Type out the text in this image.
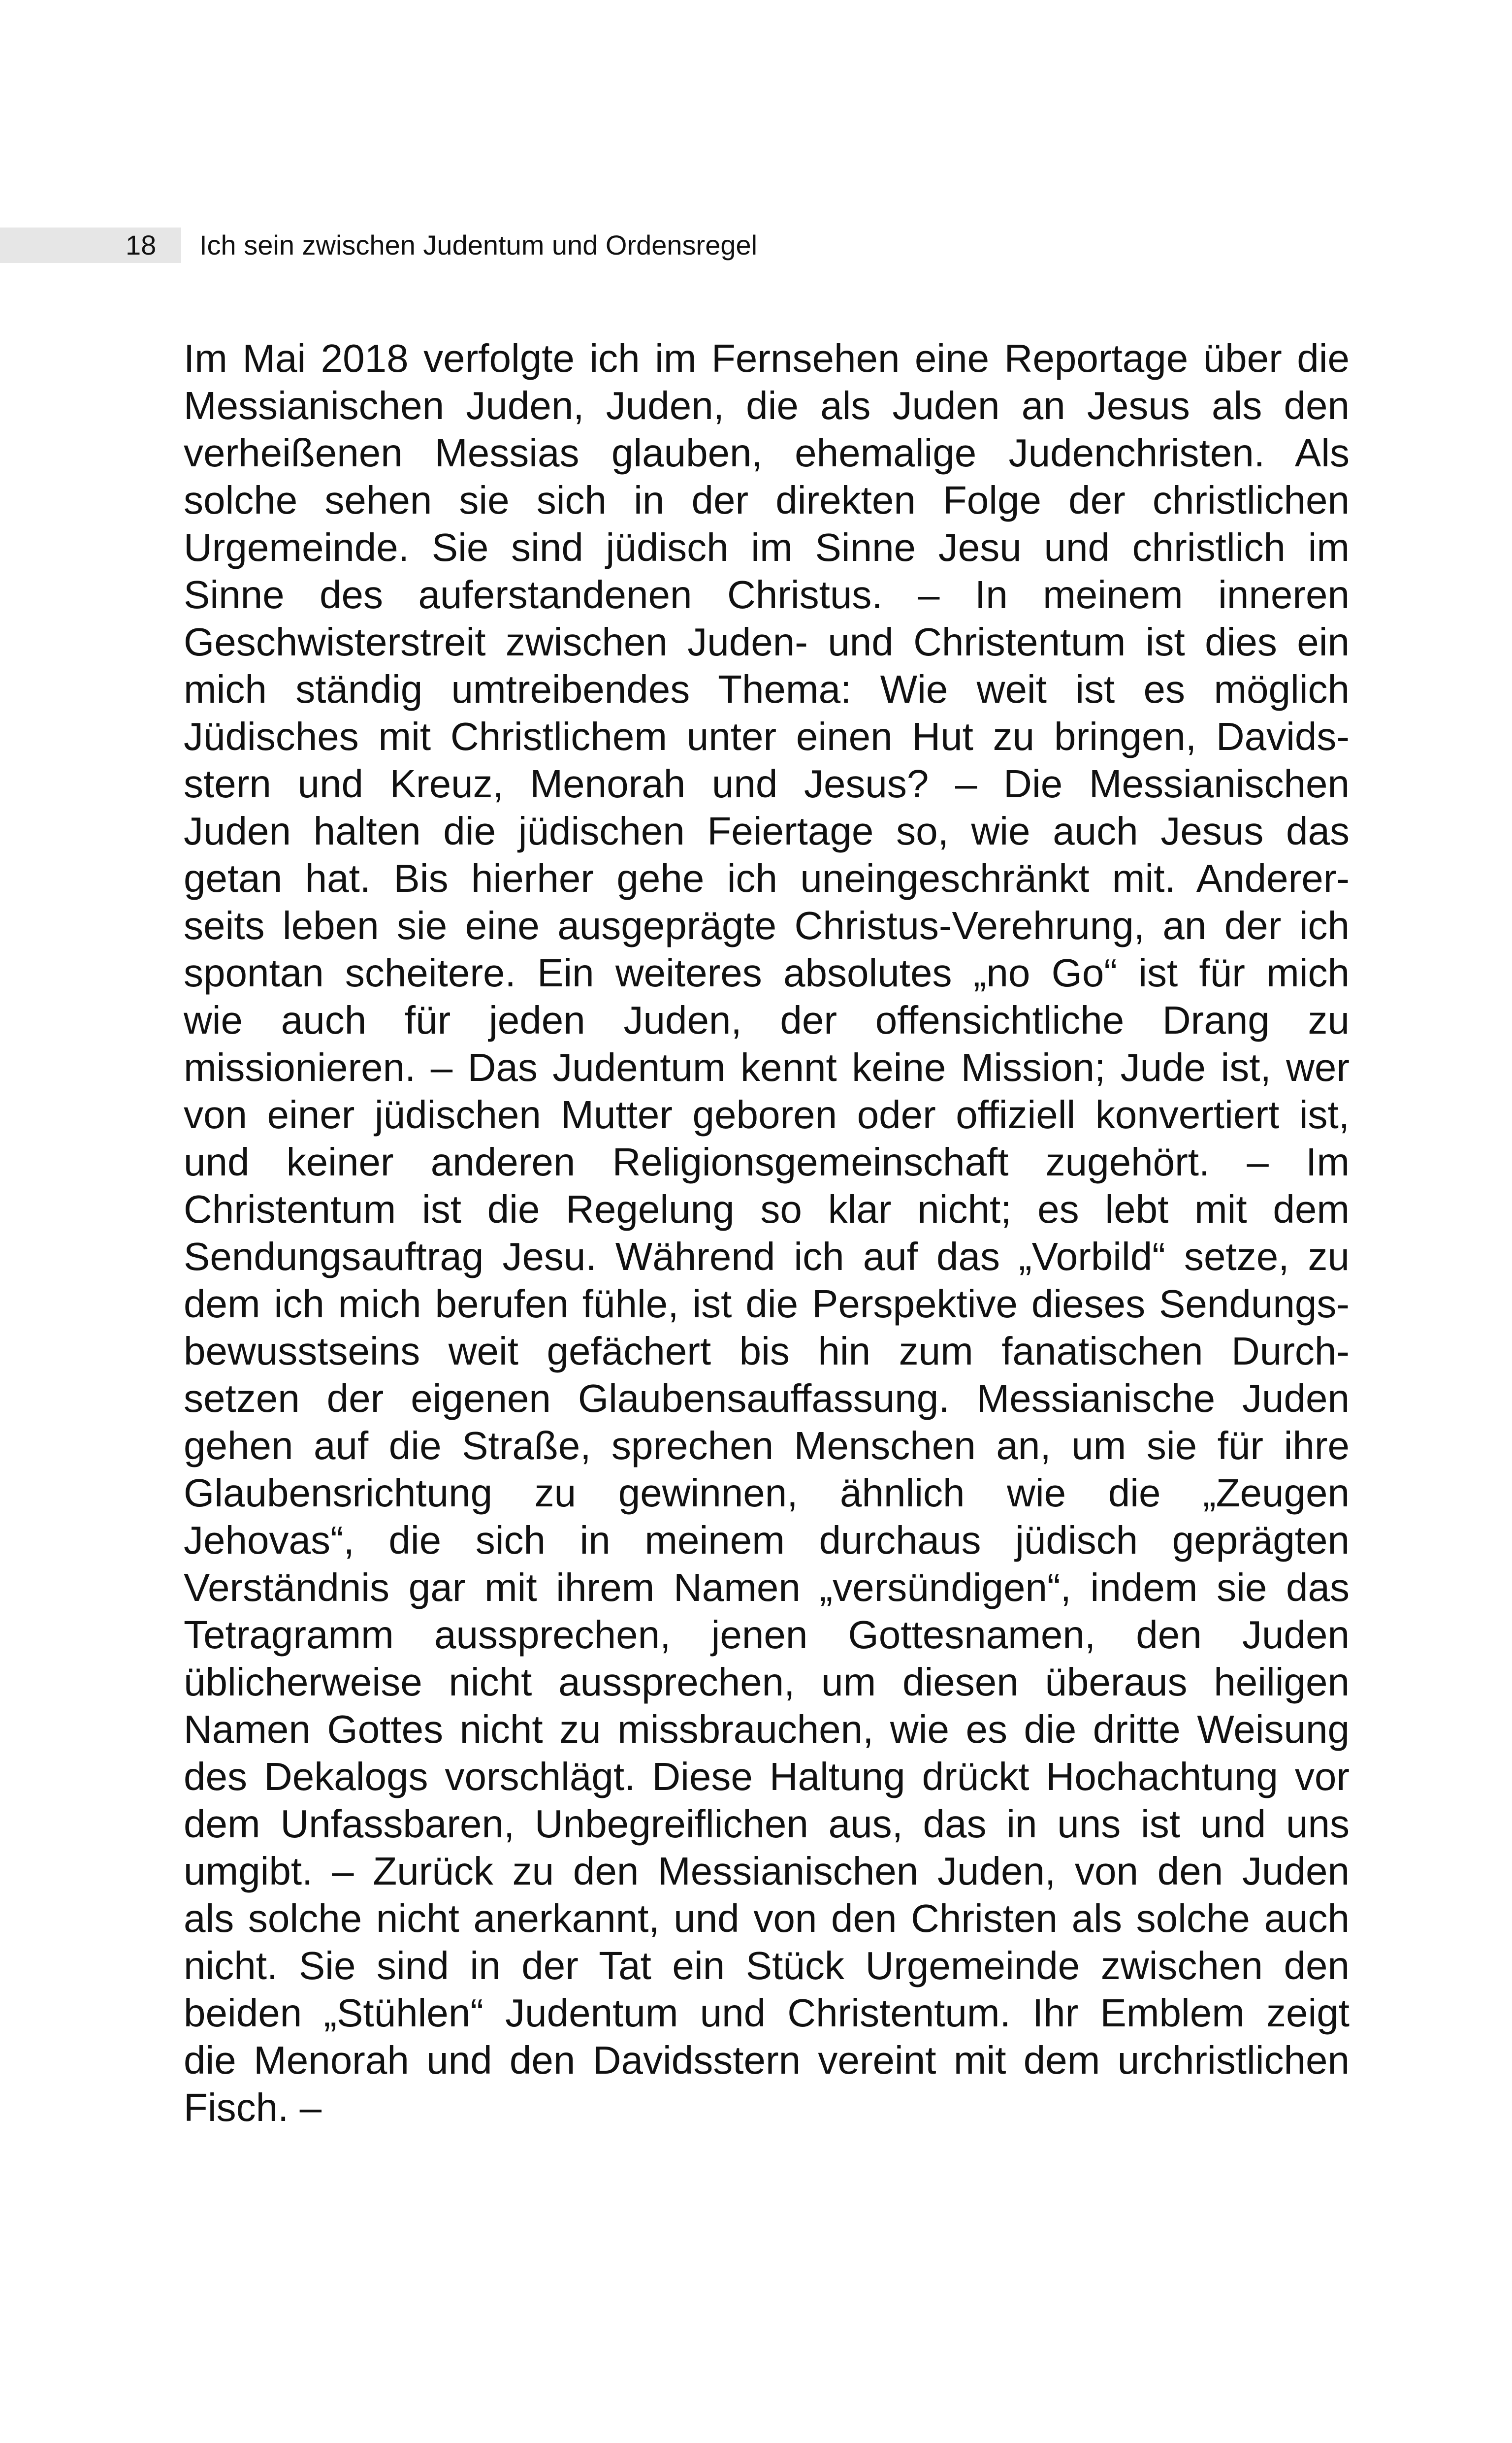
18 Ich sein zwischen Judentum und Ordensregel
Im Mai 2018 verfolgte ich im Fernsehen eine Reportage über die
Messianischen Juden, Juden, die als Juden an Jesus als den
verheißenen Messias glauben, ehemalige Judenchristen. Als
solche sehen sie sich in der direkten Folge der christlichen
Urgemeinde. Sie sind jüdisch im Sinne Jesu und christlich im
Sinne des auferstandenen Christus. – In meinem inneren
Geschwisterstreit zwischen Juden- und Christentum ist dies ein
mich ständig umtreibendes Thema: Wie weit ist es möglich
Jüdisches mit Christlichem unter einen Hut zu bringen, Davids-
stern und Kreuz, Menorah und Jesus? – Die Messianischen
Juden halten die jüdischen Feiertage so, wie auch Jesus das
getan hat. Bis hierher gehe ich uneingeschränkt mit. Anderer-
seits leben sie eine ausgeprägte Christus-Verehrung, an der ich
spontan scheitere. Ein weiteres absolutes „no Go“ ist für mich
wie auch für jeden Juden, der offensichtliche Drang zu
missionieren. – Das Judentum kennt keine Mission; Jude ist, wer
von einer jüdischen Mutter geboren oder offiziell konvertiert ist,
und keiner anderen Religionsgemeinschaft zugehört. – Im
Christentum ist die Regelung so klar nicht; es lebt mit dem
Sendungsauftrag Jesu. Während ich auf das „Vorbild“ setze, zu
dem ich mich berufen fühle, ist die Perspektive dieses Sendungs-
bewusstseins weit gefächert bis hin zum fanatischen Durch-
setzen der eigenen Glaubensauffassung. Messianische Juden
gehen auf die Straße, sprechen Menschen an, um sie für ihre
Glaubensrichtung zu gewinnen, ähnlich wie die „Zeugen
Jehovas“, die sich in meinem durchaus jüdisch geprägten
Verständnis gar mit ihrem Namen „versündigen“, indem sie das
Tetragramm aussprechen, jenen Gottesnamen, den Juden
üblicherweise nicht aussprechen, um diesen überaus heiligen
Namen Gottes nicht zu missbrauchen, wie es die dritte Weisung
des Dekalogs vorschlägt. Diese Haltung drückt Hochachtung vor
dem Unfassbaren, Unbegreiflichen aus, das in uns ist und uns
umgibt. – Zurück zu den Messianischen Juden, von den Juden
als solche nicht anerkannt, und von den Christen als solche auch
nicht. Sie sind in der Tat ein Stück Urgemeinde zwischen den
beiden „Stühlen“ Judentum und Christentum. Ihr Emblem zeigt
die Menorah und den Davidsstern vereint mit dem urchristlichen
Fisch. –
